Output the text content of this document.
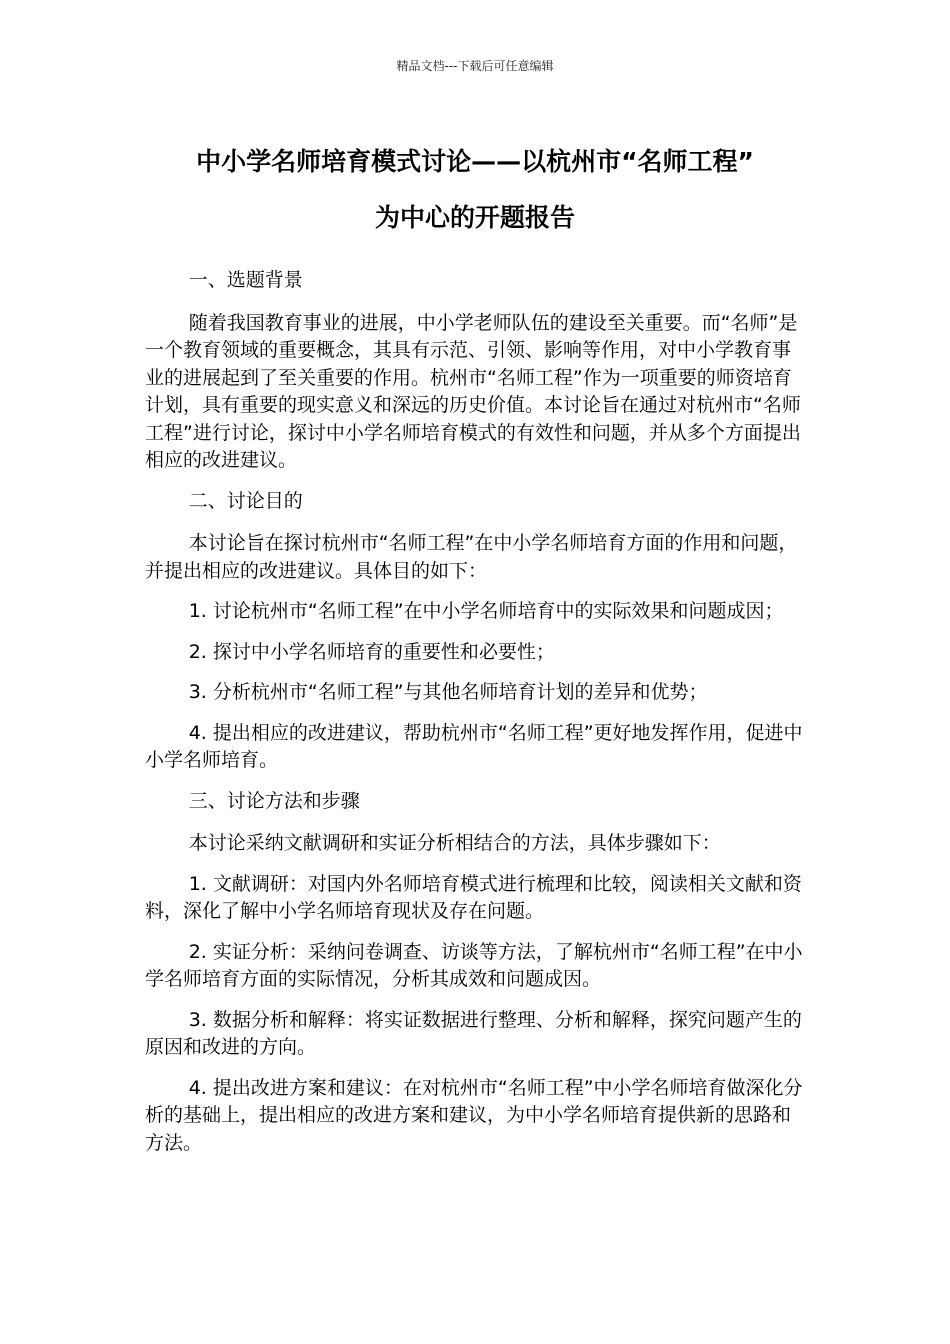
精品文档---下载后可任意编辑
中小学名师培育模式讨论——以杭州市“名师工程”
为中心的开题报告

一、选题背景

随着我国教育事业的进展，中小学老师队伍的建设至关重要。而“名师”是一个教育领域的重要概念，其具有示范、引领、影响等作用，对中小学教育事业的进展起到了至关重要的作用。杭州市“名师工程”作为一项重要的师资培育计划，具有重要的现实意义和深远的历史价值。本讨论旨在通过对杭州市“名师工程”进行讨论，探讨中小学名师培育模式的有效性和问题，并从多个方面提出相应的改进建议。

二、讨论目的

本讨论旨在探讨杭州市“名师工程”在中小学名师培育方面的作用和问题，并提出相应的改进建议。具体目的如下：

1. 讨论杭州市“名师工程”在中小学名师培育中的实际效果和问题成因；

2. 探讨中小学名师培育的重要性和必要性；

3. 分析杭州市“名师工程”与其他名师培育计划的差异和优势；

4. 提出相应的改进建议，帮助杭州市“名师工程”更好地发挥作用，促进中小学名师培育。

三、讨论方法和步骤

本讨论采纳文献调研和实证分析相结合的方法，具体步骤如下：

1. 文献调研：对国内外名师培育模式进行梳理和比较，阅读相关文献和资料，深化了解中小学名师培育现状及存在问题。

2. 实证分析：采纳问卷调查、访谈等方法，了解杭州市“名师工程”在中小学名师培育方面的实际情况，分析其成效和问题成因。

3. 数据分析和解释：将实证数据进行整理、分析和解释，探究问题产生的原因和改进的方向。

4. 提出改进方案和建议：在对杭州市“名师工程”中小学名师培育做深化分析的基础上，提出相应的改进方案和建议，为中小学名师培育提供新的思路和方法。
